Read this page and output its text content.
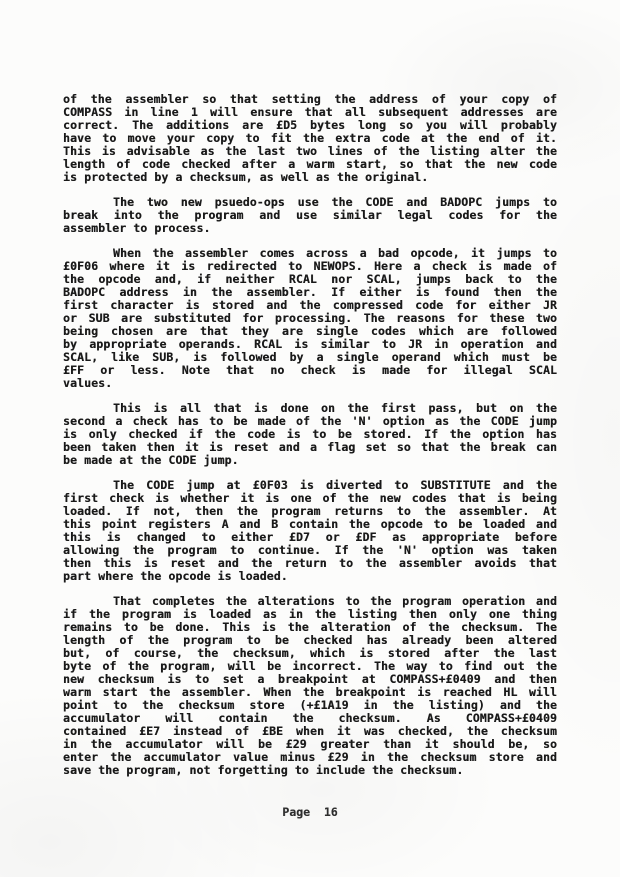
of the assembler so that setting the address of your copy of
COMPASS in line 1 will ensure that all subsequent addresses are
correct. The additions are £D5 bytes long so you will probably
have to move your copy to fit the extra code at the end of it.
This is advisable as the last two lines of the listing alter the
length of code checked after a warm start, so that the new code
is protected by a checksum, as well as the original.
The two new psuedo-ops use the CODE and BADOPC jumps to
break into the program and use similar legal codes for the
assembler to process.
When the assembler comes across a bad opcode, it jumps to
£0F06 where it is redirected to NEWOPS. Here a check is made of
the opcode and, if neither RCAL nor SCAL, jumps back to the
BADOPC address in the assembler. If either is found then the
first character is stored and the compressed code for either JR
or SUB are substituted for processing. The reasons for these two
being chosen are that they are single codes which are followed
by appropriate operands. RCAL is similar to JR in operation and
SCAL, like SUB, is followed by a single operand which must be
£FF or less. Note that no check is made for illegal SCAL
values.
This is all that is done on the first pass, but on the
second a check has to be made of the 'N' option as the CODE jump
is only checked if the code is to be stored. If the option has
been taken then it is reset and a flag set so that the break can
be made at the CODE jump.
The CODE jump at £0F03 is diverted to SUBSTITUTE and the
first check is whether it is one of the new codes that is being
loaded. If not, then the program returns to the assembler. At
this point registers A and B contain the opcode to be loaded and
this is changed to either £D7 or £DF as appropriate before
allowing the program to continue. If the 'N' option was taken
then this is reset and the return to the assembler avoids that
part where the opcode is loaded.
That completes the alterations to the program operation and
if the program is loaded as in the listing then only one thing
remains to be done. This is the alteration of the checksum. The
length of the program to be checked has already been altered
but, of course, the checksum, which is stored after the last
byte of the program, will be incorrect. The way to find out the
new checksum is to set a breakpoint at COMPASS+£0409 and then
warm start the assembler. When the breakpoint is reached HL will
point to the checksum store (+£1A19 in the listing) and the
accumulator will contain the checksum. As COMPASS+£0409
contained £E7 instead of £BE when it was checked, the checksum
in the accumulator will be £29 greater than it should be, so
enter the accumulator value minus £29 in the checksum store and
save the program, not forgetting to include the checksum.
Page  16
